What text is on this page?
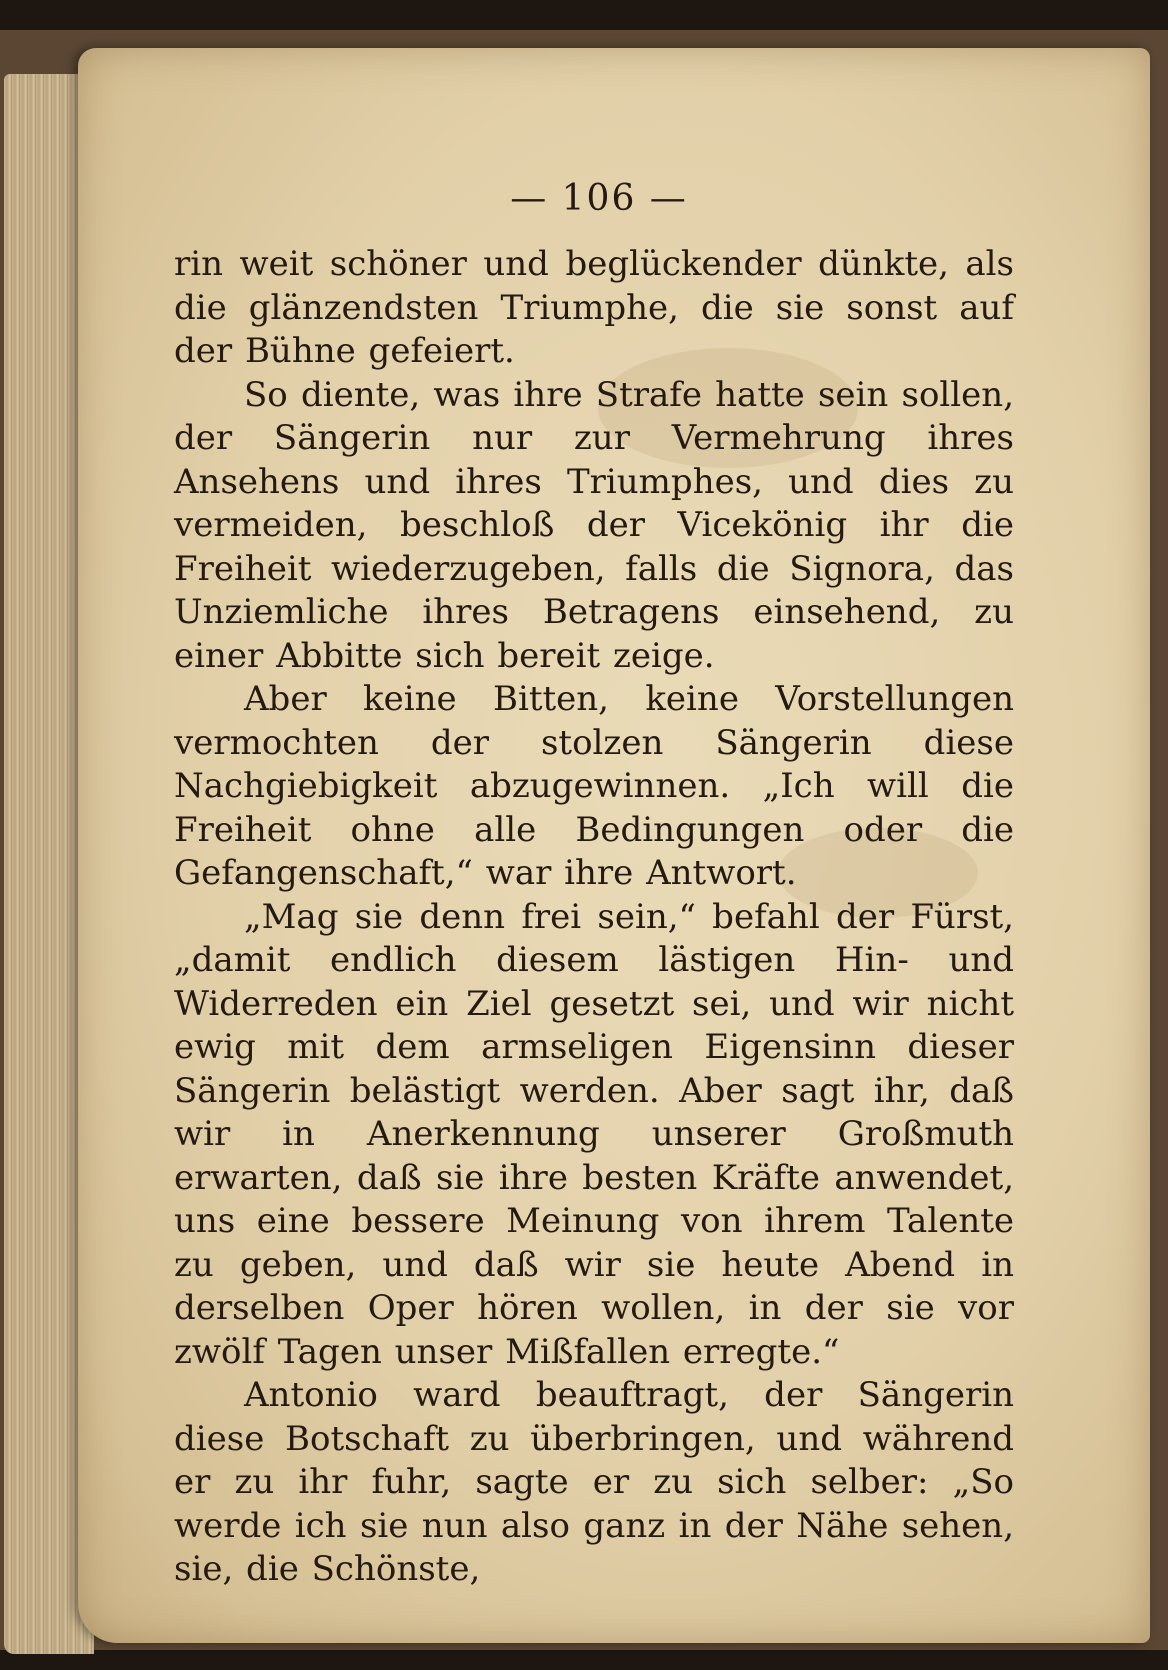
— 106 —

rin weit schöner und beglückender dünkte, als die glänzendsten Triumphe, die sie sonst auf der Bühne gefeiert.

So diente, was ihre Strafe hatte sein sollen, der Sängerin nur zur Vermehrung ihres Ansehens und ihres Triumphes, und dies zu vermeiden, beschloß der Vicekönig ihr die Freiheit wiederzugeben, falls die Signora, das Unziemliche ihres Betragens einsehend, zu einer Abbitte sich bereit zeige.

Aber keine Bitten, keine Vorstellungen vermochten der stolzen Sängerin diese Nachgiebigkeit abzugewinnen. „Ich will die Freiheit ohne alle Bedingungen oder die Gefangenschaft,“ war ihre Antwort.

„Mag sie denn frei sein,“ befahl der Fürst, „damit endlich diesem lästigen Hin- und Widerreden ein Ziel gesetzt sei, und wir nicht ewig mit dem armseligen Eigensinn dieser Sängerin belästigt werden. Aber sagt ihr, daß wir in Anerkennung unserer Großmuth erwarten, daß sie ihre besten Kräfte anwendet, uns eine bessere Meinung von ihrem Talente zu geben, und daß wir sie heute Abend in derselben Oper hören wollen, in der sie vor zwölf Tagen unser Mißfallen erregte.“

Antonio ward beauftragt, der Sängerin diese Botschaft zu überbringen, und während er zu ihr fuhr, sagte er zu sich selber: „So werde ich sie nun also ganz in der Nähe sehen, sie, die Schönste,
